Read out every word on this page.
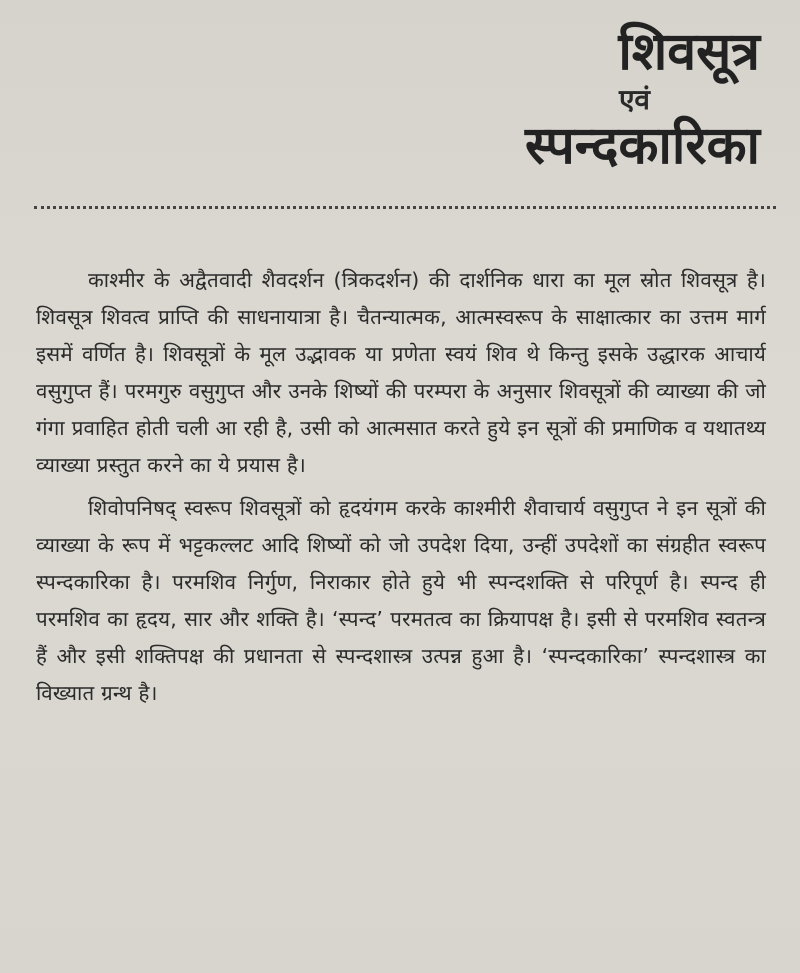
शिवसूत्र
एवं
स्पन्दकारिका

काश्मीर के अद्वैतवादी शैवदर्शन (त्रिकदर्शन) की दार्शनिक धारा का मूल स्रोत शिवसूत्र है। शिवसूत्र शिवत्व प्राप्ति की साधनायात्रा है। चैतन्यात्मक, आत्मस्वरूप के साक्षात्कार का उत्तम मार्ग इसमें वर्णित है। शिवसूत्रों के मूल उद्भावक या प्रणेता स्वयं शिव थे किन्तु इसके उद्धारक आचार्य वसुगुप्त हैं। परमगुरु वसुगुप्त और उनके शिष्यों की परम्परा के अनुसार शिवसूत्रों की व्याख्या की जो गंगा प्रवाहित होती चली आ रही है, उसी को आत्मसात करते हुये इन सूत्रों की प्रमाणिक व यथातथ्य व्याख्या प्रस्तुत करने का ये प्रयास है।

शिवोपनिषद् स्वरूप शिवसूत्रों को हृदयंगम करके काश्मीरी शैवाचार्य वसुगुप्त ने इन सूत्रों की व्याख्या के रूप में भट्टकल्लट आदि शिष्यों को जो उपदेश दिया, उन्हीं उपदेशों का संग्रहीत स्वरूप स्पन्दकारिका है। परमशिव निर्गुण, निराकार होते हुये भी स्पन्दशक्ति से परिपूर्ण है। स्पन्द ही परमशिव का हृदय, सार और शक्ति है। ‘स्पन्द’ परमतत्व का क्रियापक्ष है। इसी से परमशिव स्वतन्त्र हैं और इसी शक्तिपक्ष की प्रधानता से स्पन्दशास्त्र उत्पन्न हुआ है। ‘स्पन्दकारिका’ स्पन्दशास्त्र का विख्यात ग्रन्थ है।
